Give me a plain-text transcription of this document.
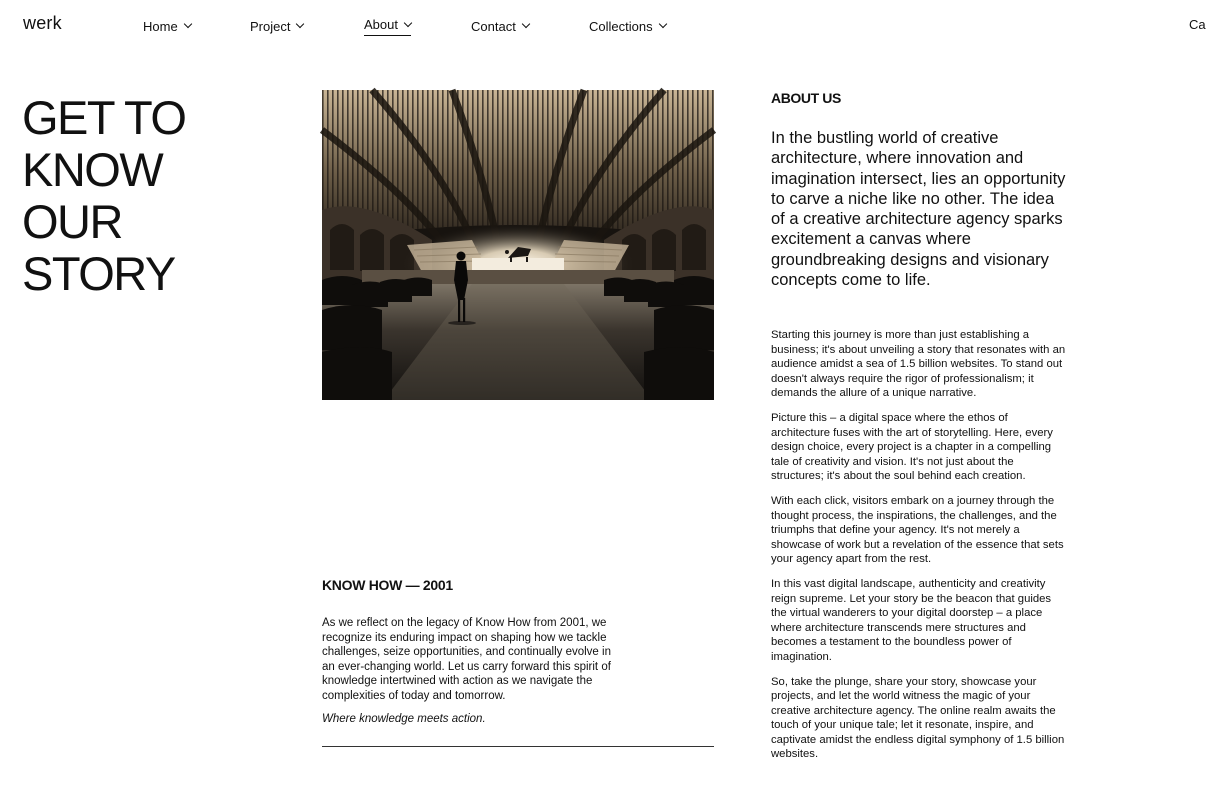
werk	Home	Project	About	Contact	Collections	Ca
GET TO
KNOW
OUR
STORY
KNOW HOW — 2001

As we reflect on the legacy of Know How from 2001, we recognize its enduring impact on shaping how we tackle challenges, seize opportunities, and continually evolve in an ever-changing world. Let us carry forward this spirit of knowledge intertwined with action as we navigate the complexities of today and tomorrow.

Where knowledge meets action.

ABOUT US

In the bustling world of creative architecture, where innovation and imagination intersect, lies an opportunity to carve a niche like no other. The idea of a creative architecture agency sparks excitement a canvas where groundbreaking designs and visionary concepts come to life.

Starting this journey is more than just establishing a business; it's about unveiling a story that resonates with an audience amidst a sea of 1.5 billion websites. To stand out doesn't always require the rigor of professionalism; it demands the allure of a unique narrative.

Picture this – a digital space where the ethos of architecture fuses with the art of storytelling. Here, every design choice, every project is a chapter in a compelling tale of creativity and vision. It's not just about the structures; it's about the soul behind each creation.

With each click, visitors embark on a journey through the thought process, the inspirations, the challenges, and the triumphs that define your agency. It's not merely a showcase of work but a revelation of the essence that sets your agency apart from the rest.

In this vast digital landscape, authenticity and creativity reign supreme. Let your story be the beacon that guides the virtual wanderers to your digital doorstep – a place where architecture transcends mere structures and becomes a testament to the boundless power of imagination.

So, take the plunge, share your story, showcase your projects, and let the world witness the magic of your creative architecture agency. The online realm awaits the touch of your unique tale; let it resonate, inspire, and captivate amidst the endless digital symphony of 1.5 billion websites.
